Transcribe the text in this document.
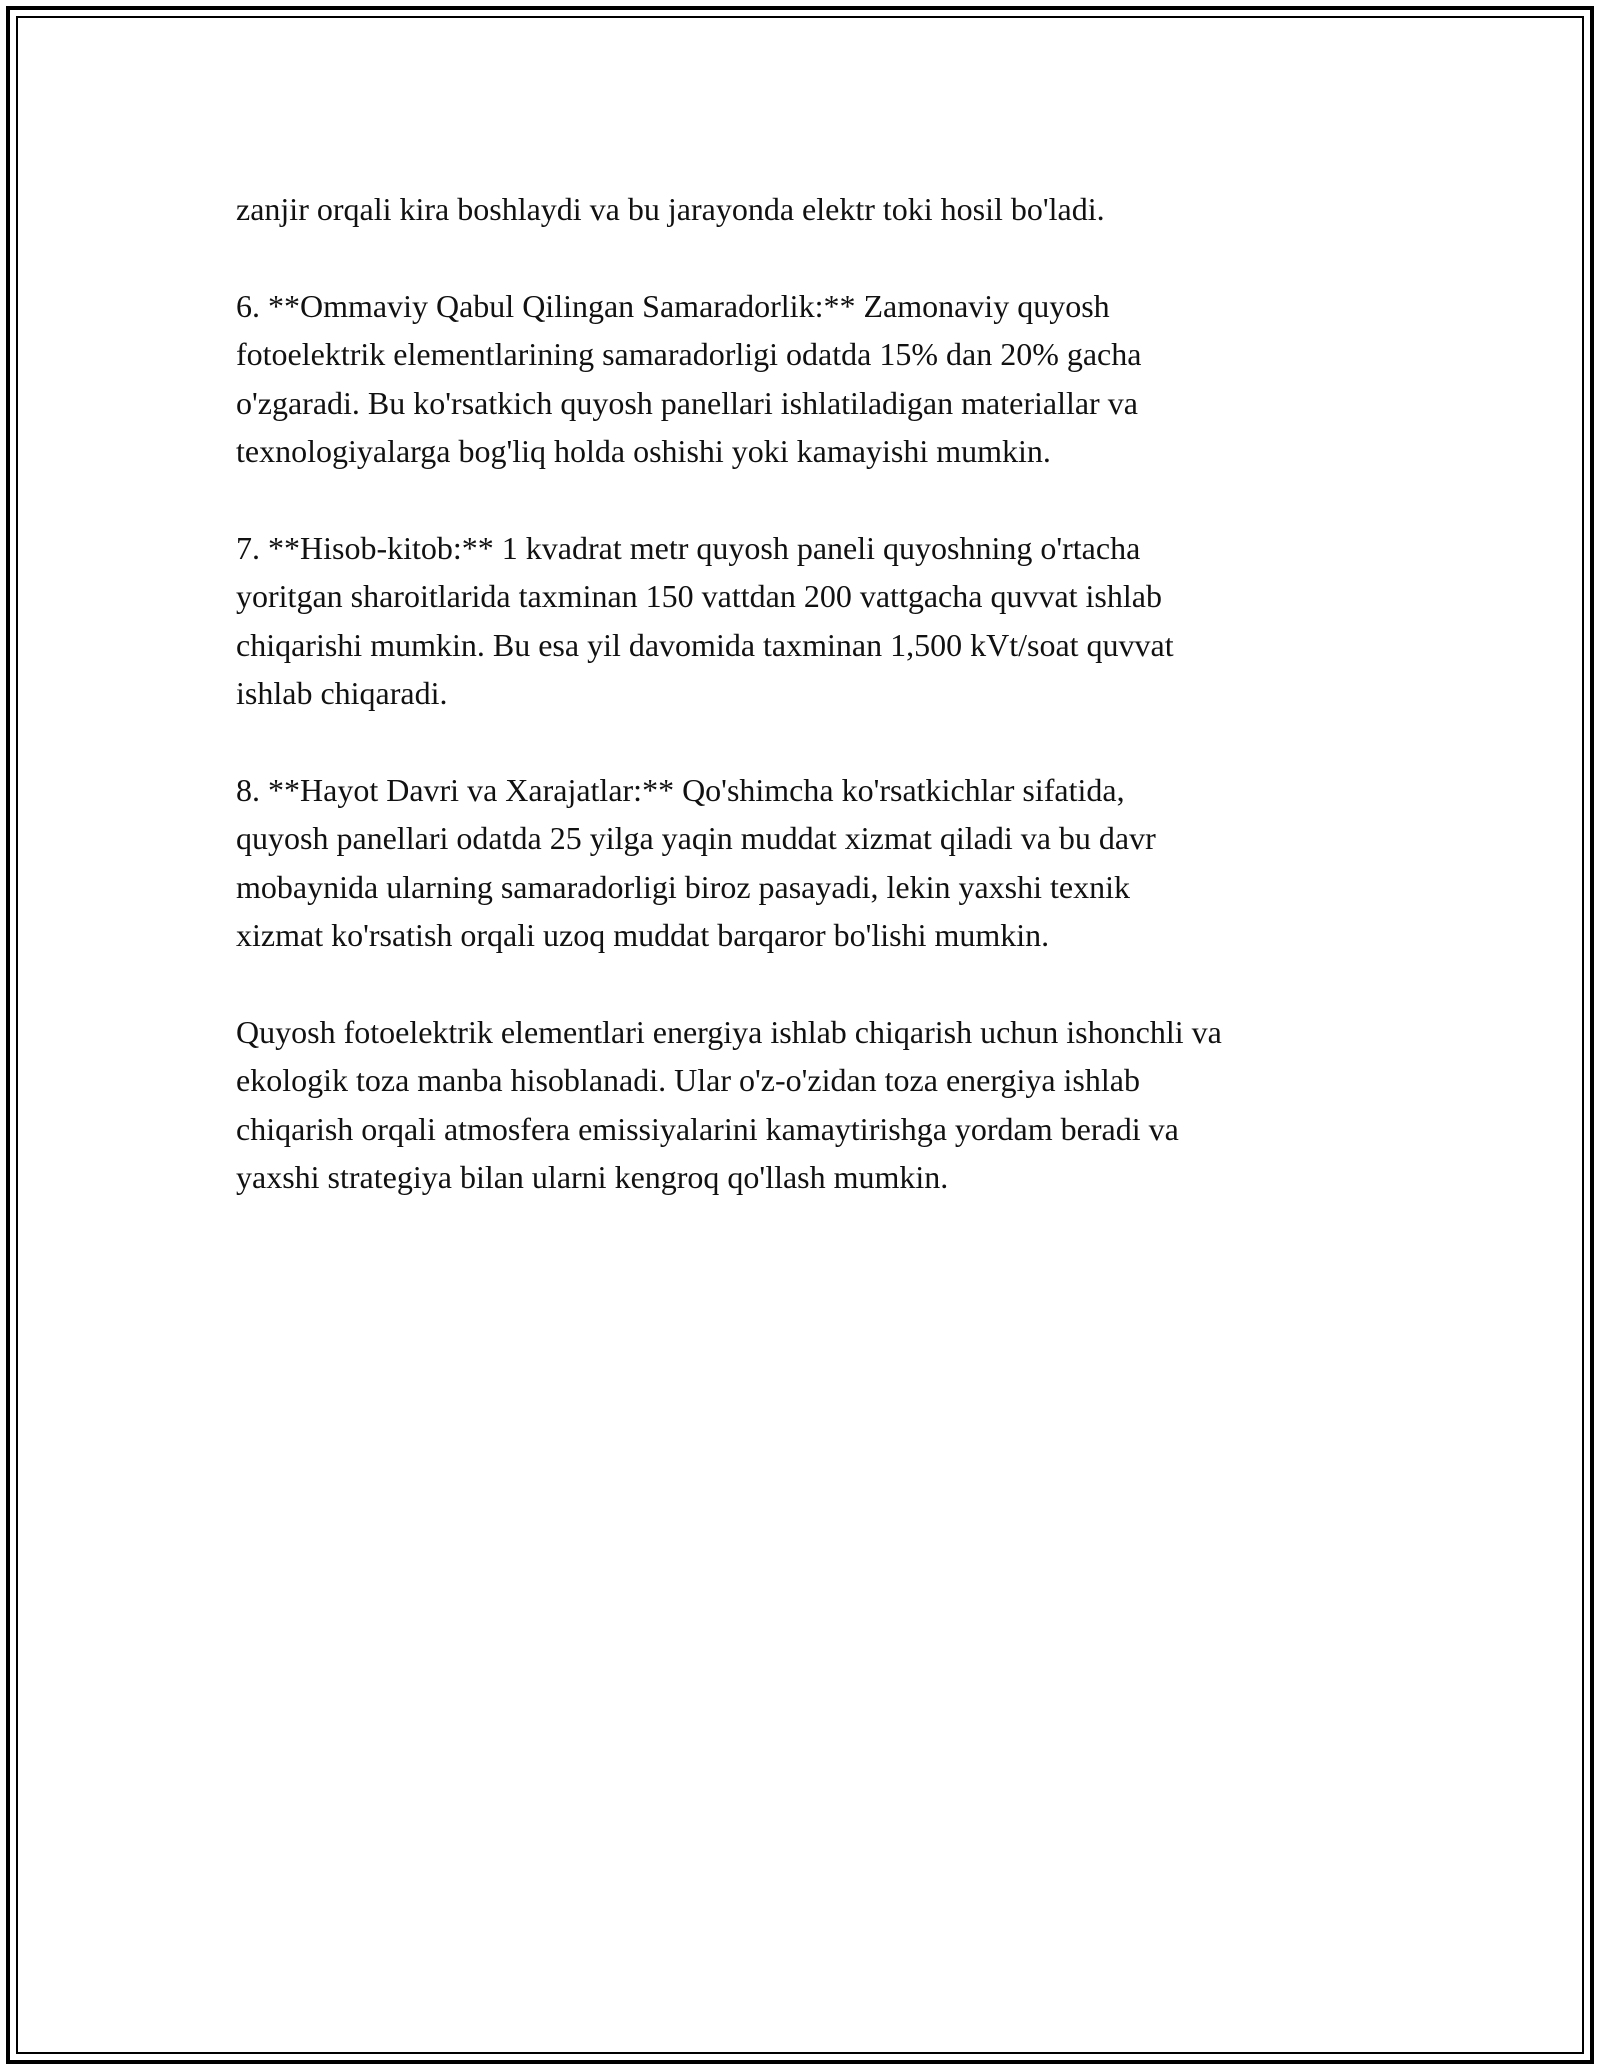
zanjir orqali kira boshlaydi va bu jarayonda elektr toki hosil bo'ladi.

6. **Ommaviy Qabul Qilingan Samaradorlik:** Zamonaviy quyosh
fotoelektrik elementlarining samaradorligi odatda 15% dan 20% gacha
o'zgaradi. Bu ko'rsatkich quyosh panellari ishlatiladigan materiallar va
texnologiyalarga bog'liq holda oshishi yoki kamayishi mumkin.

7. **Hisob-kitob:** 1 kvadrat metr quyosh paneli quyoshning o'rtacha
yoritgan sharoitlarida taxminan 150 vattdan 200 vattgacha quvvat ishlab
chiqarishi mumkin. Bu esa yil davomida taxminan 1,500 kVt/soat quvvat
ishlab chiqaradi.

8. **Hayot Davri va Xarajatlar:** Qo'shimcha ko'rsatkichlar sifatida,
quyosh panellari odatda 25 yilga yaqin muddat xizmat qiladi va bu davr
mobaynida ularning samaradorligi biroz pasayadi, lekin yaxshi texnik
xizmat ko'rsatish orqali uzoq muddat barqaror bo'lishi mumkin.

Quyosh fotoelektrik elementlari energiya ishlab chiqarish uchun ishonchli va
ekologik toza manba hisoblanadi. Ular o'z-o'zidan toza energiya ishlab
chiqarish orqali atmosfera emissiyalarini kamaytirishga yordam beradi va
yaxshi strategiya bilan ularni kengroq qo'llash mumkin.
